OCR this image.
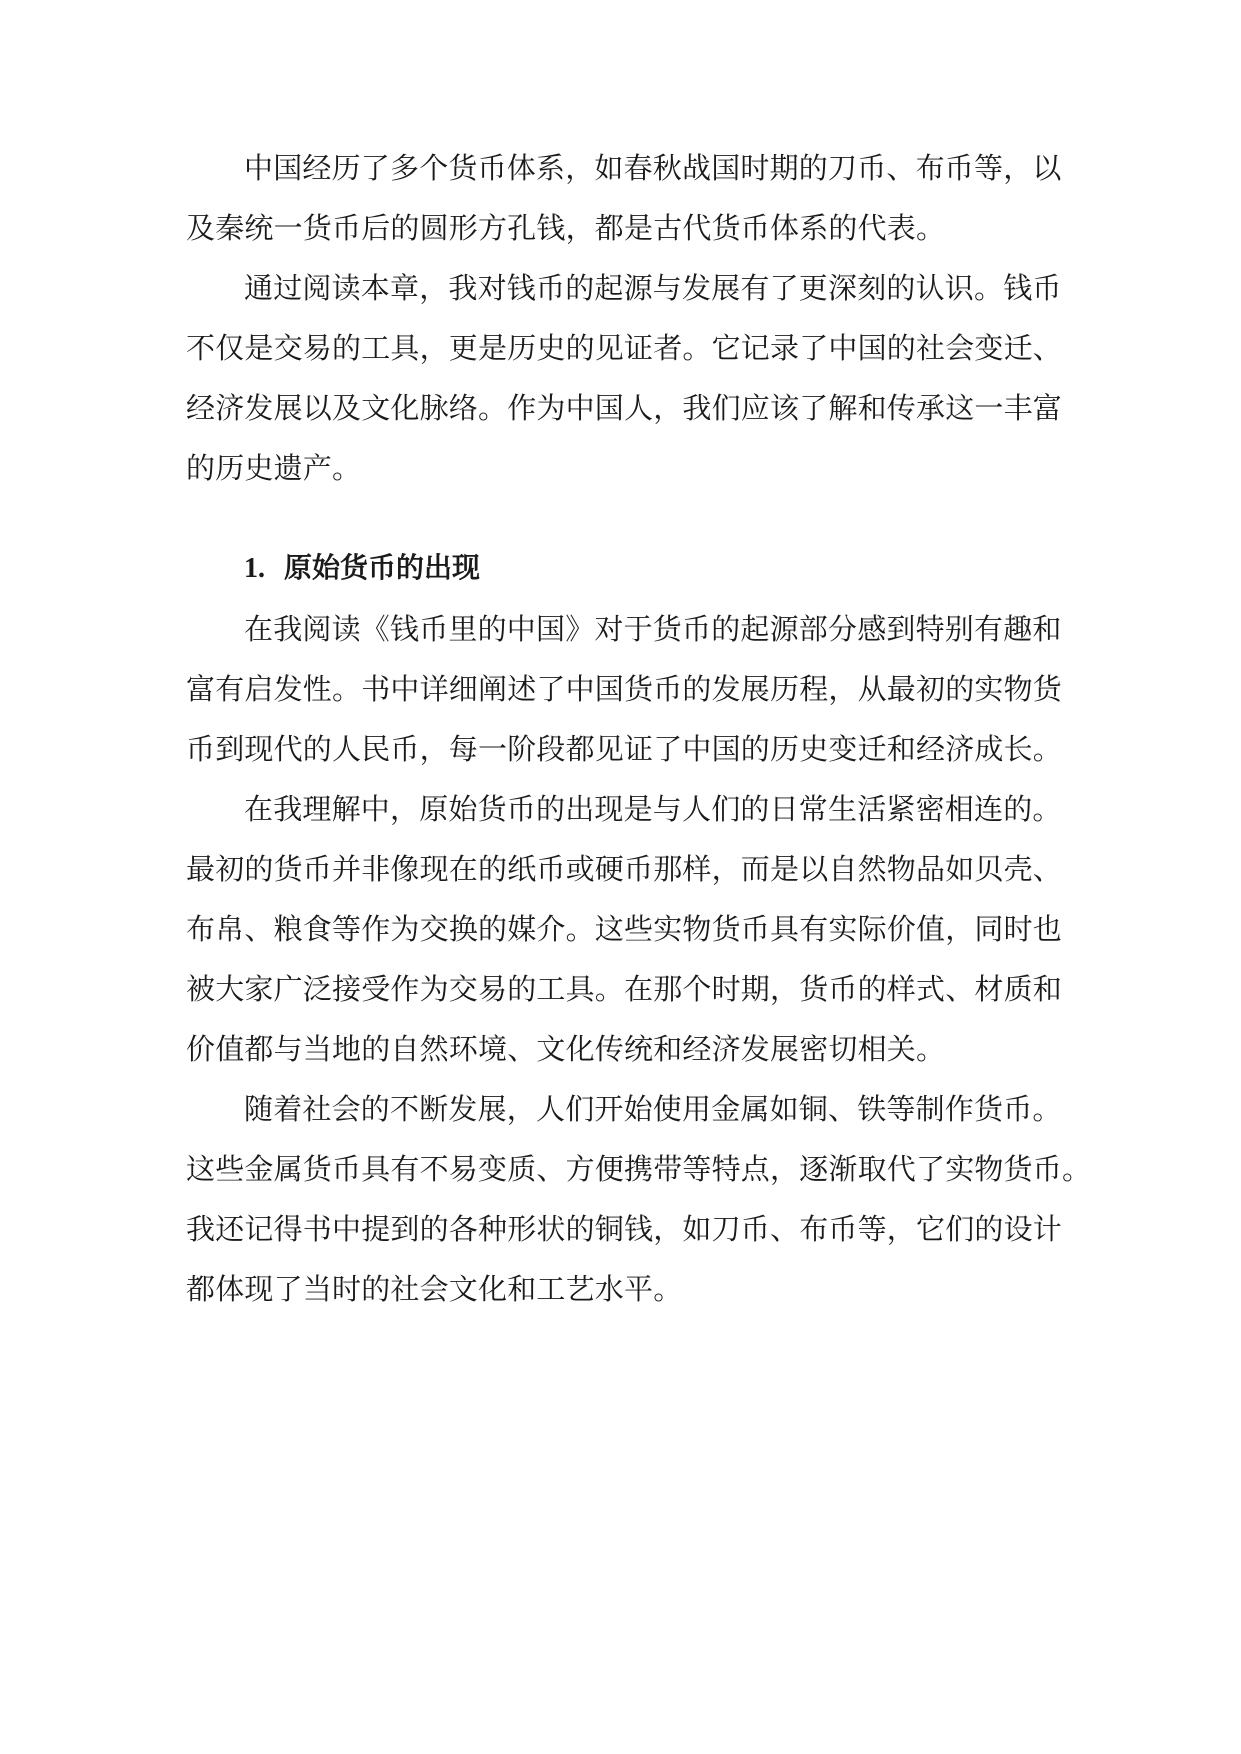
中国经历了多个货币体系，如春秋战国时期的刀币、布币等，以
及秦统一货币后的圆形方孔钱，都是古代货币体系的代表。

通过阅读本章，我对钱币的起源与发展有了更深刻的认识。钱币
不仅是交易的工具，更是历史的见证者。它记录了中国的社会变迁、
经济发展以及文化脉络。作为中国人，我们应该了解和传承这一丰富
的历史遗产。

1. 原始货币的出现

在我阅读《钱币里的中国》对于货币的起源部分感到特别有趣和
富有启发性。书中详细阐述了中国货币的发展历程，从最初的实物货
币到现代的人民币，每一阶段都见证了中国的历史变迁和经济成长。

在我理解中，原始货币的出现是与人们的日常生活紧密相连的。
最初的货币并非像现在的纸币或硬币那样，而是以自然物品如贝壳、
布帛、粮食等作为交换的媒介。这些实物货币具有实际价值，同时也
被大家广泛接受作为交易的工具。在那个时期，货币的样式、材质和
价值都与当地的自然环境、文化传统和经济发展密切相关。

随着社会的不断发展，人们开始使用金属如铜、铁等制作货币。
这些金属货币具有不易变质、方便携带等特点，逐渐取代了实物货币。
我还记得书中提到的各种形状的铜钱，如刀币、布币等，它们的设计
都体现了当时的社会文化和工艺水平。
